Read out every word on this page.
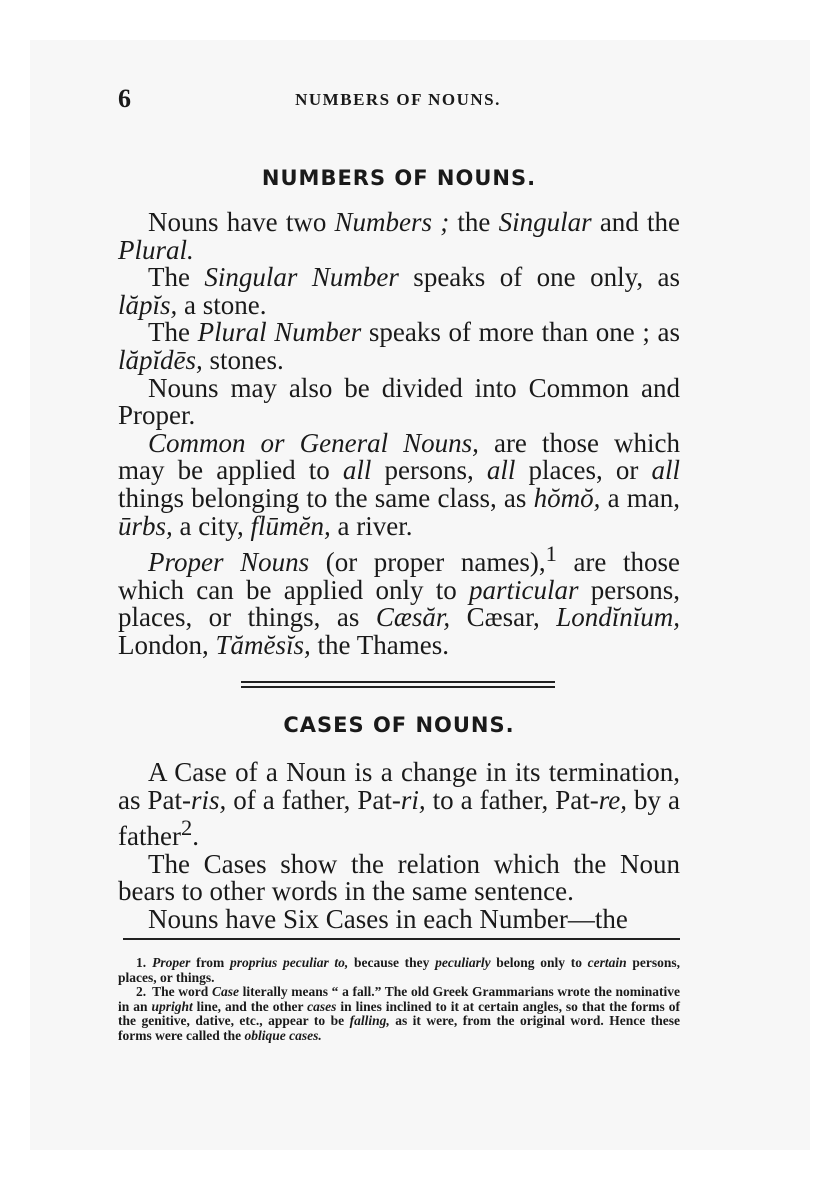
6	NUMBERS OF NOUNS.
NUMBERS OF NOUNS.

Nouns have two Numbers ; the Singular and the Plural.

The Singular Number speaks of one only, as lăpĭs, a stone.

The Plural Number speaks of more than one ; as lăpĭdēs, stones.

Nouns may also be divided into Common and Proper.

Common or General Nouns, are those which may be applied to all persons, all places, or all things belonging to the same class, as hŏmŏ, a man, ūrbs, a city, flūmĕn, a river.

Proper Nouns (or proper names),$^1$ are those which can be applied only to particular persons, places, or things, as Cæsăr, Cæsar, Londĭnĭum, London, Tămĕsĭs, the Thames.

CASES OF NOUNS.

A Case of a Noun is a change in its termination, as Pat-ris, of a father, Pat-ri, to a father, Pat-re, by a father$^2$.

The Cases show the relation which the Noun bears to other words in the same sentence.

Nouns have Six Cases in each Number—the

1. Proper from proprius peculiar to, because they peculiarly belong only to certain persons, places, or things.

2. The word Case literally means “ a fall.” The old Greek Grammarians wrote the nominative in an upright line, and the other cases in lines inclined to it at certain angles, so that the forms of the genitive, dative, etc., appear to be falling, as it were, from the original word. Hence these forms were called the oblique cases.
